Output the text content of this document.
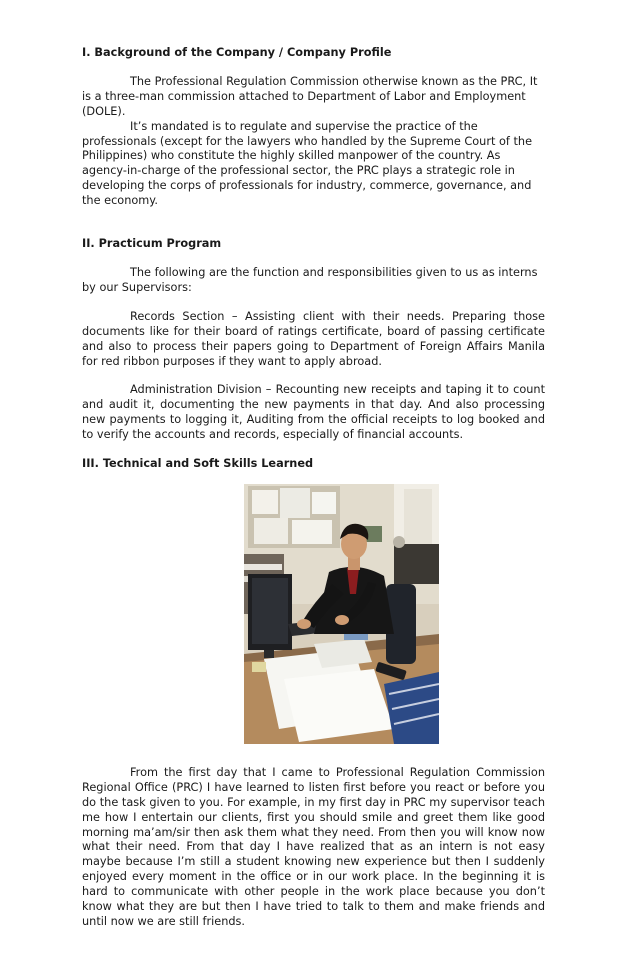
I. Background of the Company / Company Profile

The Professional Regulation Commission otherwise known as the PRC, It is a three-man commission attached to Department of Labor and Employment (DOLE).

It’s mandated is to regulate and supervise the practice of the professionals (except for the lawyers who handled by the Supreme Court of the Philippines) who constitute the highly skilled manpower of the country. As agency-in-charge of the professional sector, the PRC plays a strategic role in developing the corps of professionals for industry, commerce, governance, and the economy.

II. Practicum Program

The following are the function and responsibilities given to us as interns by our Supervisors:

Records Section – Assisting client with their needs. Preparing those documents like for their board of ratings certificate, board of passing certificate and also to process their papers going to Department of Foreign Affairs Manila for red ribbon purposes if they want to apply abroad.

Administration Division – Recounting new receipts and taping it to count and audit it, documenting the new payments in that day. And also processing new payments to logging it, Auditing from the official receipts to log booked and to verify the accounts and records, especially of financial accounts.

III. Technical and Soft Skills Learned

From the first day that I came to Professional Regulation Commission Regional Office (PRC) I have learned to listen first before you react or before you do the task given to you. For example, in my first day in PRC my supervisor teach me how I entertain our clients, first you should smile and greet them like good morning ma’am/sir then ask them what they need. From then you will know now what their need. From that day I have realized that as an intern is not easy maybe because I’m still a student knowing new experience but then I suddenly enjoyed every moment in the office or in our work place. In the beginning it is hard to communicate with other people in the work place because you don’t know what they are but then I have tried to talk to them and make friends and until now we are still friends.
